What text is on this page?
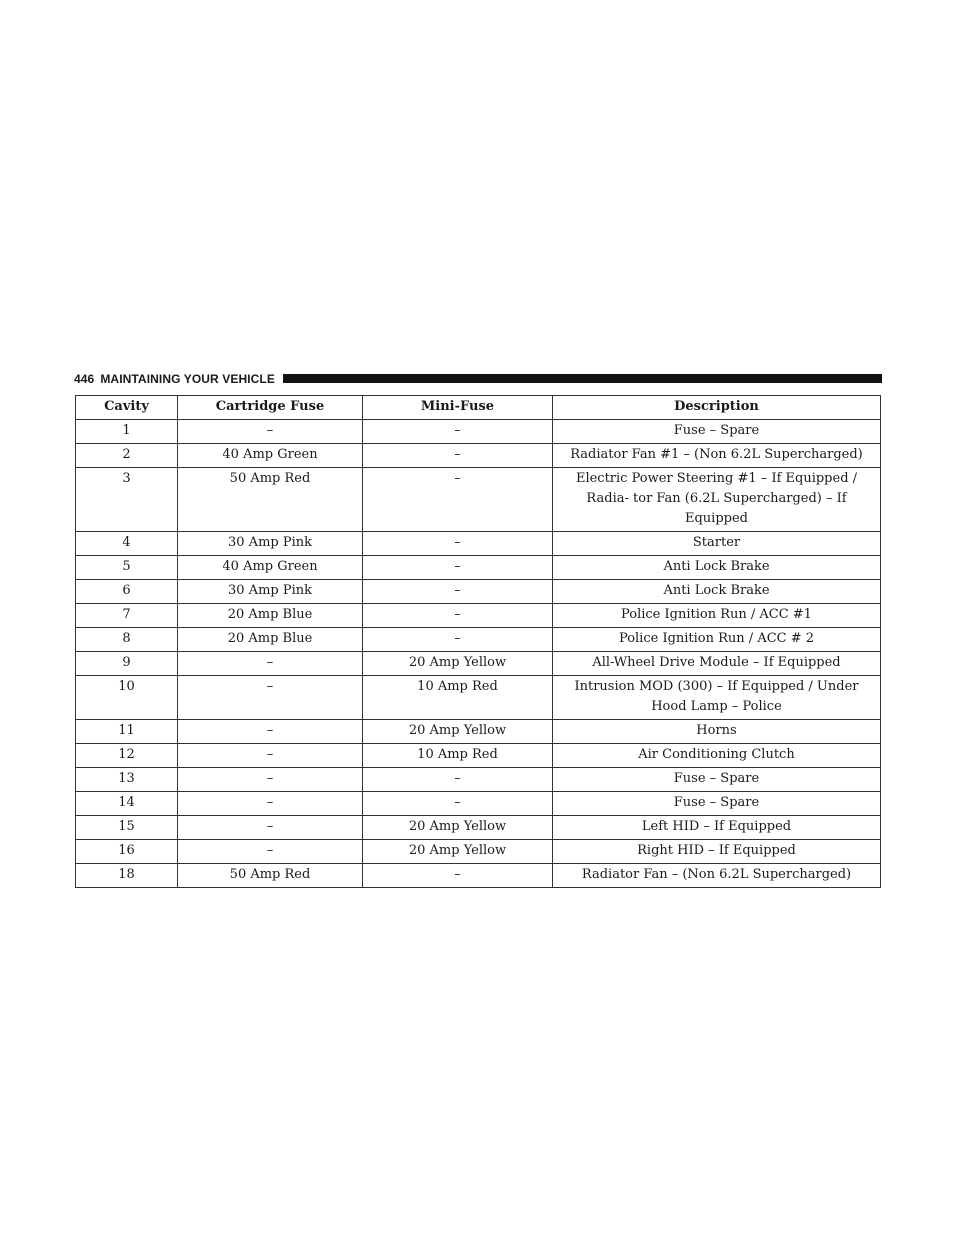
446 MAINTAINING YOUR VEHICLE
Cavity	Cartridge Fuse	Mini-Fuse	Description
1	–	–	Fuse – Spare
2	40 Amp Green	–	Radiator Fan #1 – (Non 6.2L Supercharged)
3	50 Amp Red	–	Electric Power Steering #1 – If Equipped / Radia- tor Fan (6.2L Supercharged) – If Equipped
4	30 Amp Pink	–	Starter
5	40 Amp Green	–	Anti Lock Brake
6	30 Amp Pink	–	Anti Lock Brake
7	20 Amp Blue	–	Police Ignition Run / ACC #1
8	20 Amp Blue	–	Police Ignition Run / ACC # 2
9	–	20 Amp Yellow	All-Wheel Drive Module – If Equipped
10	–	10 Amp Red	Intrusion MOD (300) – If Equipped / Under Hood Lamp – Police
11	–	20 Amp Yellow	Horns
12	–	10 Amp Red	Air Conditioning Clutch
13	–	–	Fuse – Spare
14	–	–	Fuse – Spare
15	–	20 Amp Yellow	Left HID – If Equipped
16	–	20 Amp Yellow	Right HID – If Equipped
18	50 Amp Red	–	Radiator Fan – (Non 6.2L Supercharged)
